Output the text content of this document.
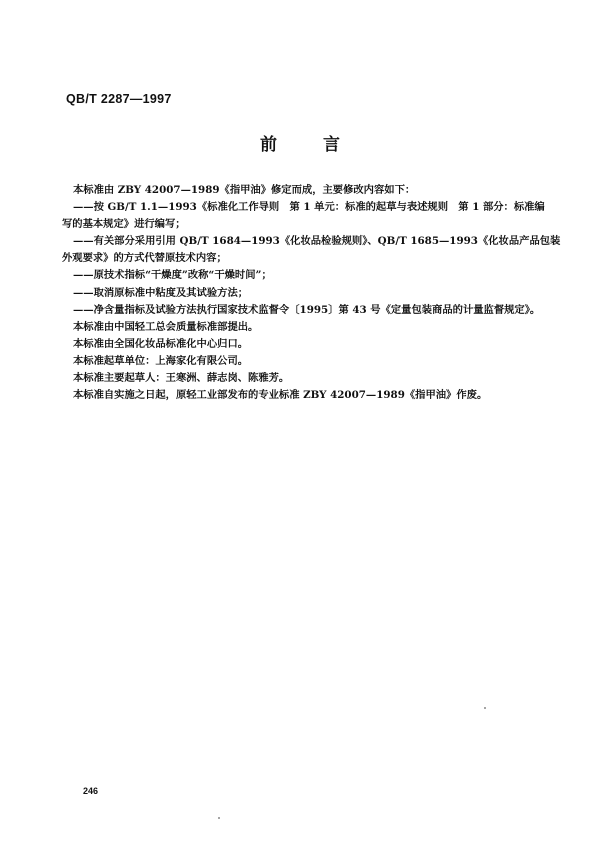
QB/T 2287—1997
前	言
本标准由 ZBY 42007—1989《指甲油》修定而成，主要修改内容如下：
——按 GB/T 1.1—1993《标准化工作导则　第 1 单元：标准的起草与表述规则　第 1 部分：标准编
写的基本规定》进行编写；
——有关部分采用引用 QB/T 1684—1993《化妆品检验规则》、QB/T 1685—1993《化妆品产品包装
外观要求》的方式代替原技术内容；
——原技术指标“干燥度”改称“干燥时间”；
——取消原标准中粘度及其试验方法；
——净含量指标及试验方法执行国家技术监督令〔1995〕第 43 号《定量包装商品的计量监督规定》。
本标准由中国轻工总会质量标准部提出。
本标准由全国化妆品标准化中心归口。
本标准起草单位：上海家化有限公司。
本标准主要起草人：王寒洲、薛志岗、陈雅芳。
本标准自实施之日起，原轻工业部发布的专业标准 ZBY 42007—1989《指甲油》作废。
246
